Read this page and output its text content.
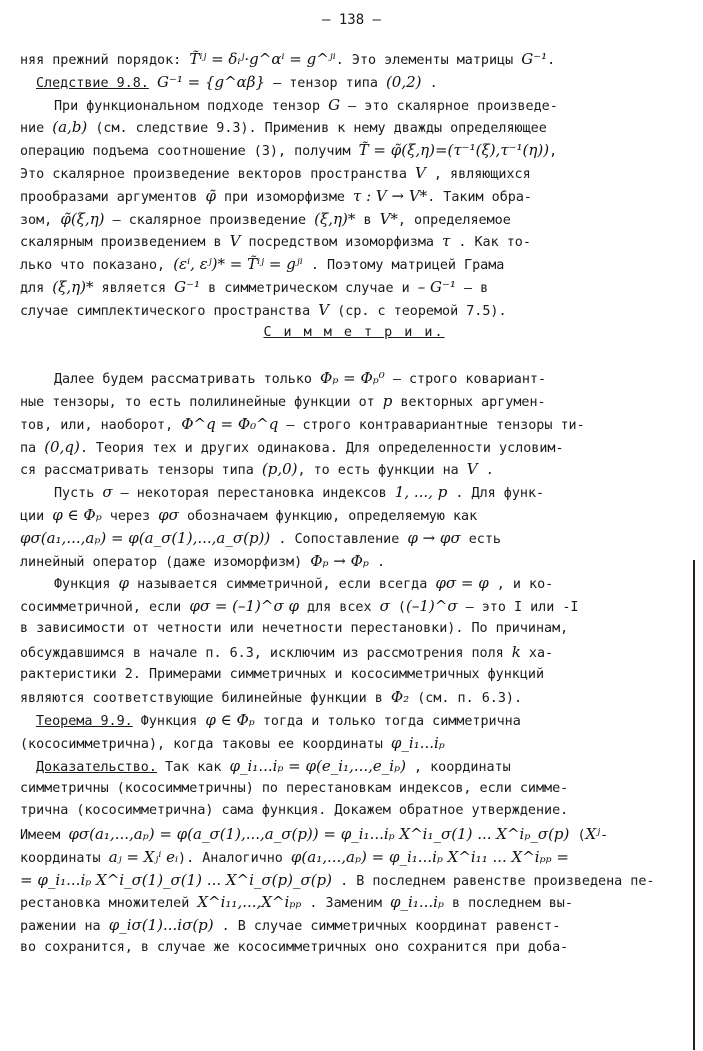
– 138 –
няя прежний порядок: T̃ⁱʲ = δᵢʲ·g^αⁱ = g^ʲⁱ. Это элементы матрицы G⁻¹.
Следствие 9.8. G⁻¹ = {g^αβ} – тензор типа (0,2) .
При функциональном подходе тензор G – это скалярное произведе-
ние (a,b) (см. следствие 9.3). Применив к нему дважды определяющее
операцию подъема соотношение (3), получим T̃ = φ̃(ξ,η)=(τ⁻¹(ξ),τ⁻¹(η)),
Это скалярное произведение векторов пространства V , являющихся
прообразами аргументов φ̃ при изоморфизме τ : V → V*. Таким обра-
зом, φ̃(ξ,η) – скалярное произведение (ξ,η)* в V*, определяемое
скалярным произведением в V посредством изоморфизма τ . Как то-
лько что показано, (εⁱ, εʲ)* = T̃ⁱʲ = gʲⁱ . Поэтому матрицей Грама
для (ξ,η)* является G⁻¹ в симметрическом случае и – G⁻¹ – в
случае симплектического пространства V (ср. с теоремой 7.5).
С и м м е т р и и.
Далее будем рассматривать только Φₚ = Φₚ⁰ – строго ковариант-
ные тензоры, то есть полилинейные функции от p векторных аргумен-
тов, или, наоборот, Φ^q = Φ₀^q – строго контравариантные тензоры ти-
па (0,q). Теория тех и других одинакова. Для определенности условим-
ся рассматривать тензоры типа (p,0), то есть функции на V .
Пусть σ – некоторая перестановка индексов 1, ..., p . Для функ-
ции φ ∈ Φₚ через φσ обозначаем функцию, определяемую как
φσ(a₁,...,aₚ) = φ(a_σ(1),...,a_σ(p)) . Сопоставление φ → φσ есть
линейный оператор (даже изоморфизм) Φₚ → Φₚ .
Функция φ называется симметричной, если всегда φσ = φ , и ко-
сосимметричной, если φσ = (–1)^σ φ для всех σ ((–1)^σ – это I или -I
в зависимости от четности или нечетности перестановки). По причинам,
обсуждавшимся в начале п. 6.3, исключим из рассмотрения поля k ха-
рактеристики 2. Примерами симметричных и кососимметричных функций
являются соответствующие билинейные функции в Φ₂ (см. п. 6.3).
Теорема 9.9. Функция φ ∈ Φₚ тогда и только тогда симметрична
(кососимметрична), когда таковы ее координаты φ_i₁...iₚ
Доказательство. Так как φ_i₁...iₚ = φ(e_i₁,...,e_iₚ) , координаты
симметричны (кососимметричны) по перестановкам индексов, если симме-
трична (кососимметрична) сама функция. Докажем обратное утверждение.
Имеем φσ(a₁,...,aₚ) = φ(a_σ(1),...,a_σ(p)) = φ_i₁...iₚ X^i₁_σ(1) ... X^iₚ_σ(p) (Xʲ-
координаты aⱼ = Xⱼⁱ eᵢ). Аналогично φ(a₁,...,aₚ) = φ_i₁...iₚ X^i₁₁ ... X^iₚₚ =
= φ_i₁...iₚ X^i_σ(1)_σ(1) ... X^i_σ(p)_σ(p) . В последнем равенстве произведена пе-
рестановка множителей X^i₁₁,...,X^iₚₚ . Заменим φ_i₁...iₚ в последнем вы-
ражении на φ_iσ(1)...iσ(p) . В случае симметричных координат равенст-
во сохранится, в случае же кососимметричных оно сохранится при доба-
